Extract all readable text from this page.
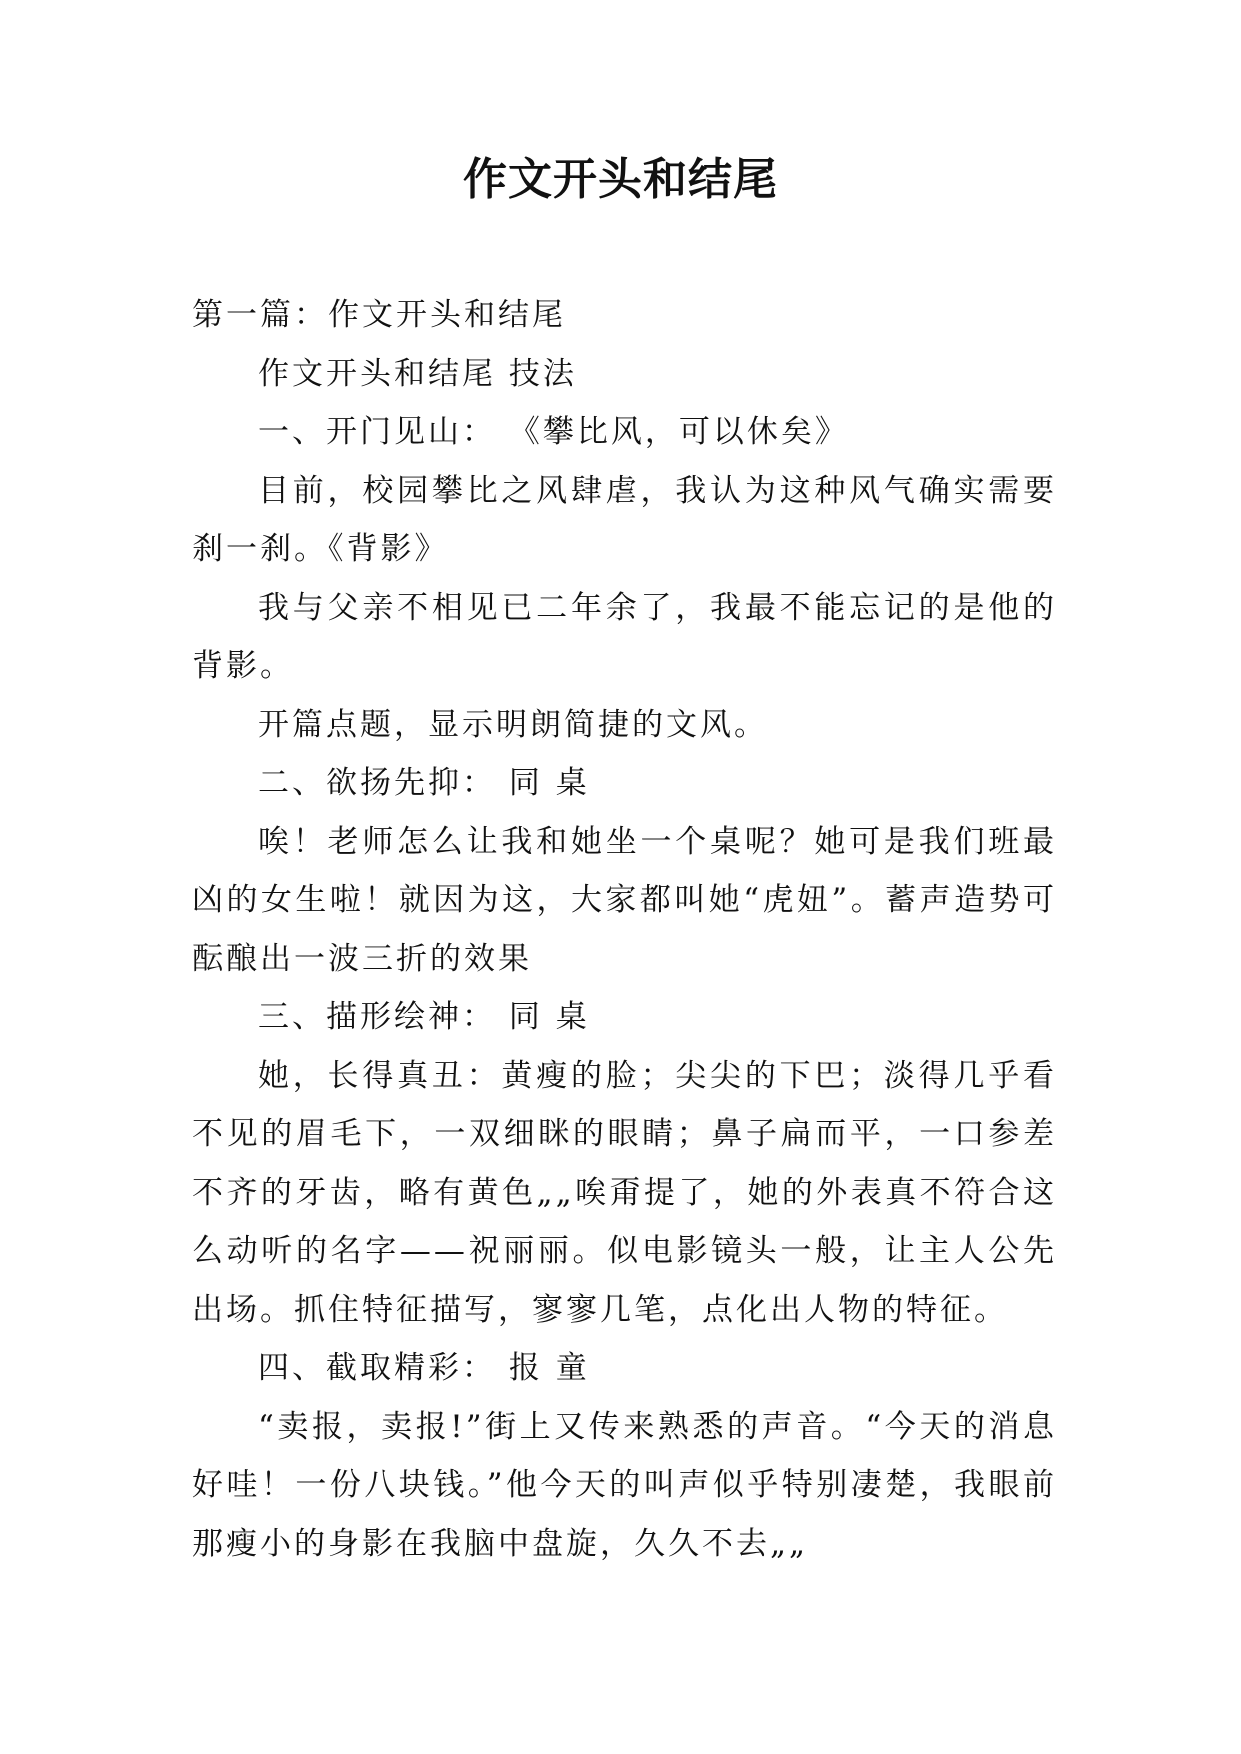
作文开头和结尾

第一篇：作文开头和结尾

作文开头和结尾 技法

一、开门见山： 《攀比风，可以休矣》

目前，校园攀比之风肆虐，我认为这种风气确实需要刹一刹。《背影》

我与父亲不相见已二年余了，我最不能忘记的是他的背影。

开篇点题，显示明朗简捷的文风。

二、欲扬先抑： 同 桌

唉！老师怎么让我和她坐一个桌呢？她可是我们班最凶的女生啦！就因为这，大家都叫她“虎妞”。蓄声造势可酝酿出一波三折的效果

三、描形绘神： 同 桌

她，长得真丑：黄瘦的脸；尖尖的下巴；淡得几乎看不见的眉毛下，一双细眯的眼睛；鼻子扁而平，一口参差不齐的牙齿，略有黄色„„唉甭提了，她的外表真不符合这么动听的名字——祝丽丽。似电影镜头一般，让主人公先出场。抓住特征描写，寥寥几笔，点化出人物的特征。

四、截取精彩： 报 童

“卖报，卖报!”街上又传来熟悉的声音。“今天的消息好哇！一份八块钱。”他今天的叫声似乎特别凄楚，我眼前那瘦小的身影在我脑中盘旋，久久不去„„
